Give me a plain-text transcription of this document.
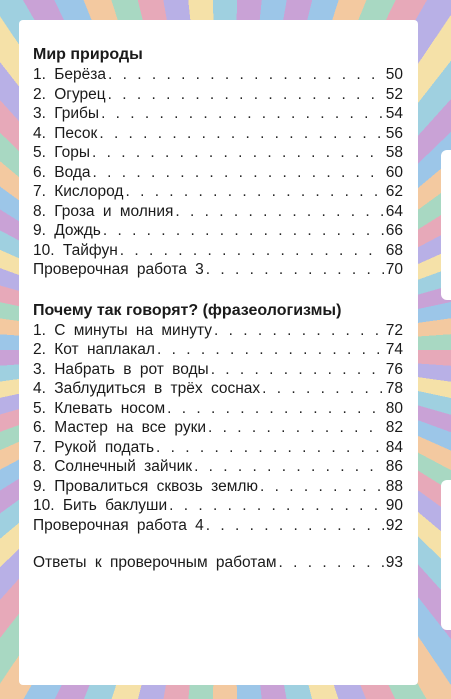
Мир природы
1. Берёза . . .	50
2. Огурец . . .	52
3. Грибы . . .	54
4. Песок . . .	56
5. Горы . . .	58
6. Вода . . .	60
7. Кислород . . .	62
8. Гроза и молния . . .	64
9. Дождь . . .	66
10. Тайфун . . .	68
Проверочная работа 3 . . .	70
Почему так говорят? (фразеологизмы)
1. С минуты на минуту . . .	72
2. Кот наплакал . . .	74
3. Набрать в рот воды . . .	76
4. Заблудиться в трёх соснах . . .	78
5. Клевать носом . . .	80
6. Мастер на все руки . . .	82
7. Рукой подать . . .	84
8. Солнечный зайчик . . .	86
9. Провалиться сквозь землю . . .	88
10. Бить баклуши . . .	90
Проверочная работа 4 . . .	92
Ответы к проверочным работам . . .	93
